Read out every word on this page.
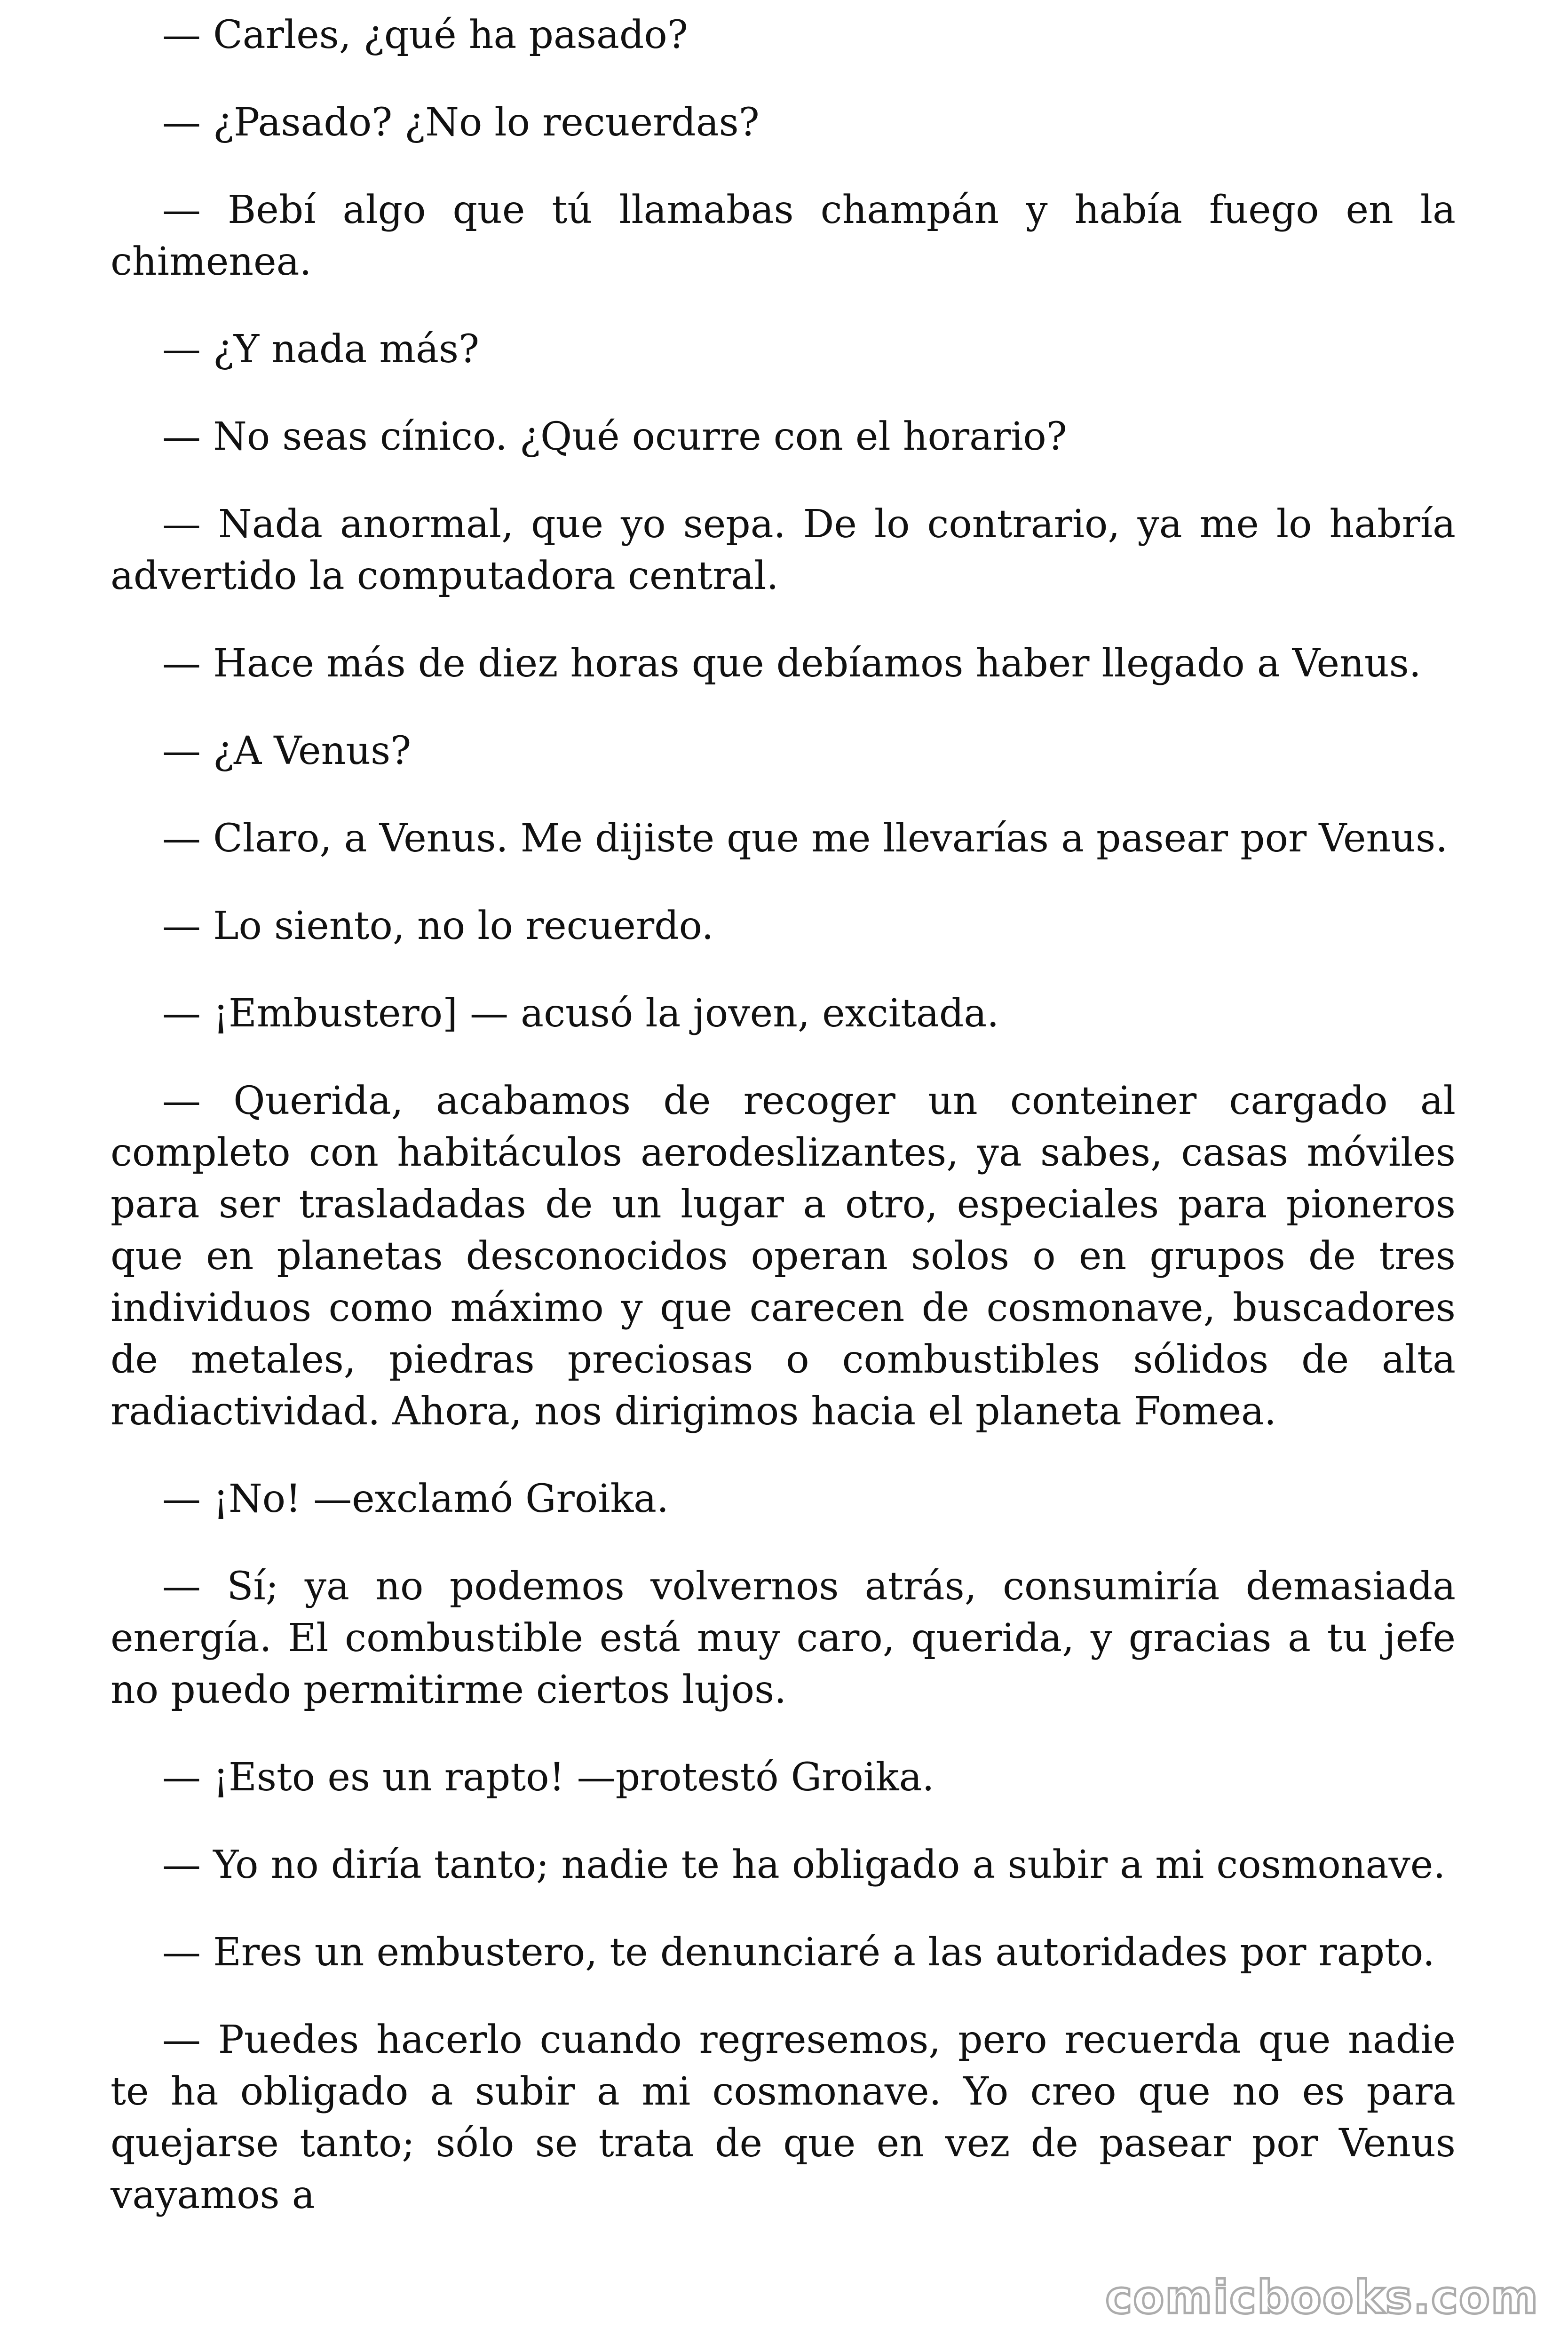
— Carles, ¿qué ha pasado?

— ¿Pasado? ¿No lo recuerdas?

— Bebí algo que tú llamabas champán y había fuego en la chimenea.

— ¿Y nada más?

— No seas cínico. ¿Qué ocurre con el horario?

— Nada anormal, que yo sepa. De lo contrario, ya me lo habría advertido la computadora central.

— Hace más de diez horas que debíamos haber llegado a Venus.

— ¿A Venus?

— Claro, a Venus. Me dijiste que me llevarías a pasear por Venus.

— Lo siento, no lo recuerdo.

— ¡Embustero] — acusó la joven, excitada.

— Querida, acabamos de recoger un conteiner cargado al completo con habitáculos aerodeslizantes, ya sabes, casas móviles para ser trasladadas de un lugar a otro, especiales para pioneros que en planetas desconocidos operan solos o en grupos de tres individuos como máximo y que carecen de cosmonave, buscadores de metales, piedras preciosas o combustibles sólidos de alta radiactividad. Ahora, nos dirigimos hacia el planeta Fomea.

— ¡No! —exclamó Groika.

— Sí; ya no podemos volvernos atrás, consumiría demasiada energía. El combustible está muy caro, querida, y gracias a tu jefe no puedo permitirme ciertos lujos.

— ¡Esto es un rapto! —protestó Groika.

— Yo no diría tanto; nadie te ha obligado a subir a mi cosmonave.

— Eres un embustero, te denunciaré a las autoridades por rapto.

— Puedes hacerlo cuando regresemos, pero recuerda que nadie te ha obligado a subir a mi cosmonave. Yo creo que no es para quejarse tanto; sólo se trata de que en vez de pasear por Venus vayamos a

comicbooks.com
